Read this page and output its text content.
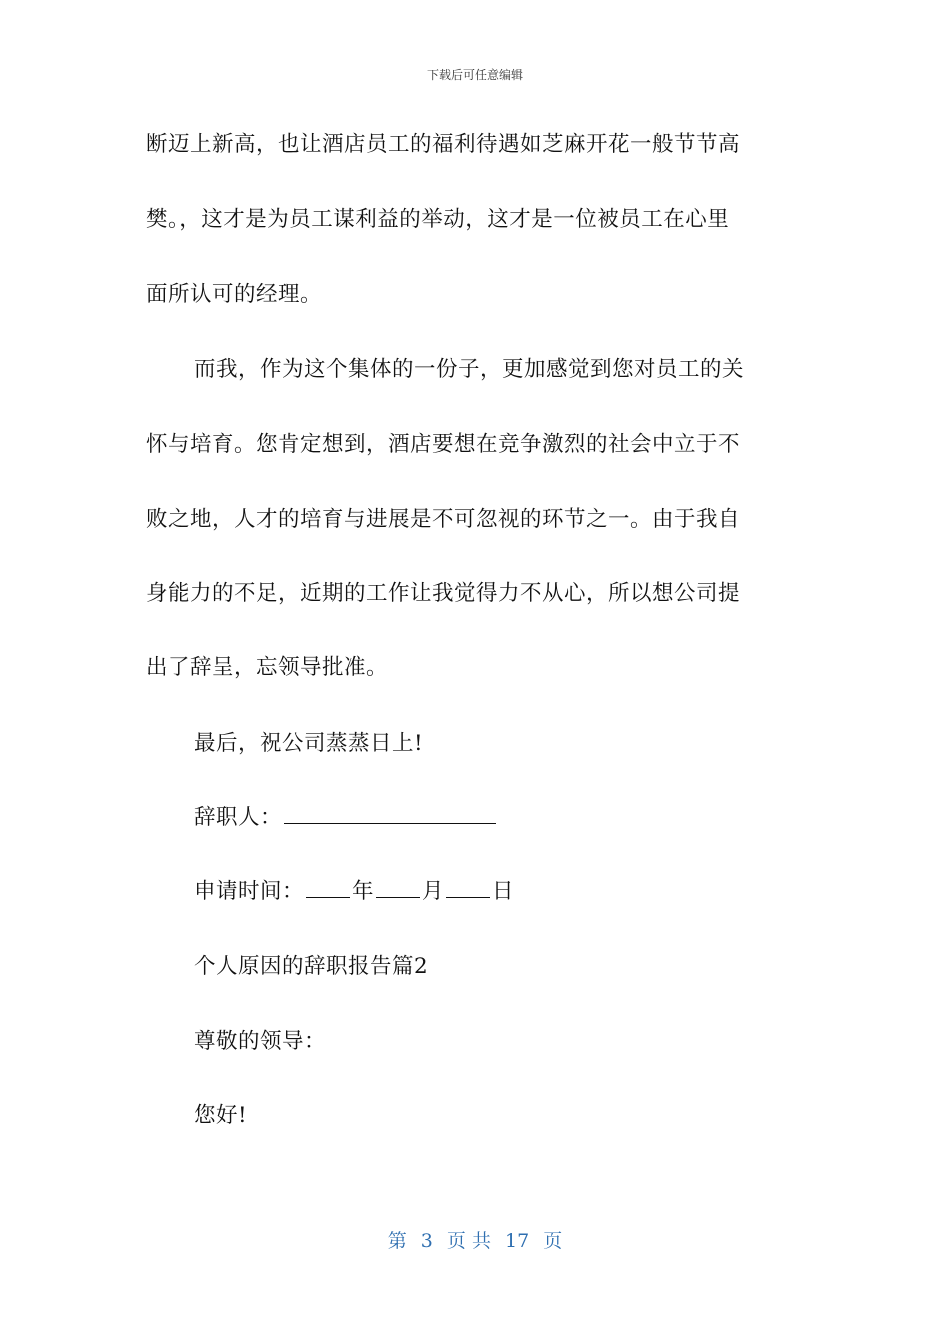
下载后可任意编辑
断迈上新高，也让酒店员工的福利待遇如芝麻开花一般节节高
樊。，这才是为员工谋利益的举动，这才是一位被员工在心里
面所认可的经理。
而我，作为这个集体的一份子，更加感觉到您对员工的关
怀与培育。您肯定想到，酒店要想在竞争激烈的社会中立于不
败之地，人才的培育与进展是不可忽视的环节之一。由于我自
身能力的不足，近期的工作让我觉得力不从心，所以想公司提
出了辞呈，忘领导批准。
最后，祝公司蒸蒸日上!
辞职人：
申请时间： 年 月 日
个人原因的辞职报告篇2
尊敬的领导：
您好!
第 3 页 共 17 页
